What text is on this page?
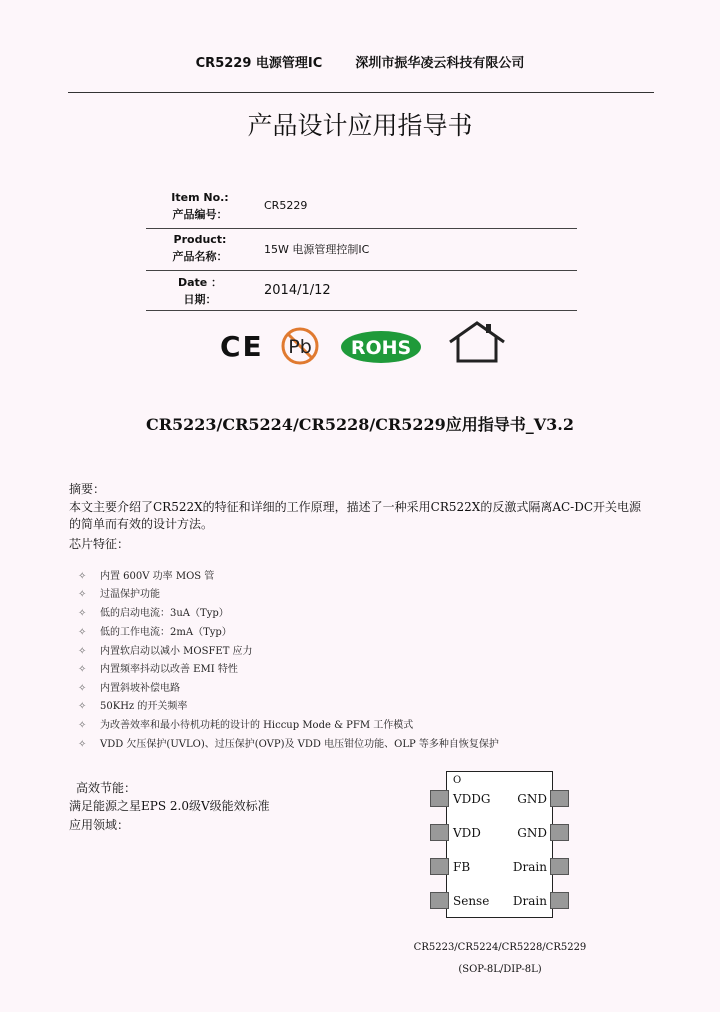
CR5229 电源管理IC	深圳市振华凌云科技有限公司
产品设计应用指导书
Item No.:
产品编号：
CR5229
Product:
产品名称：
15W 电源管理控制IC
Date ：
日期：
2014/1/12
CE Pb ROHS
CR5223/CR5224/CR5228/CR5229应用指导书_V3.2
摘要：
本文主要介绍了CR522X的特征和详细的工作原理，描述了一种采用CR522X的反激式隔离AC-DC开关电源
的简单而有效的设计方法。
芯片特征：
✧ 内置 600V 功率 MOS 管
✧ 过温保护功能
✧ 低的启动电流：3uA（Typ）
✧ 低的工作电流：2mA（Typ）
✧ 内置软启动以减小 MOSFET 应力
✧ 内置频率抖动以改善 EMI 特性
✧ 内置斜坡补偿电路
✧ 50KHz 的开关频率
✧ 为改善效率和最小待机功耗的设计的 Hiccup Mode & PFM 工作模式
✧ VDD 欠压保护(UVLO)、过压保护(OVP)及 VDD 电压钳位功能、OLP 等多种自恢复保护
高效节能：
满足能源之星EPS 2.0级V级能效标准
应用领域：
O
VDDG
VDD
FB
Sense
GND
GND
Drain
Drain
CR5223/CR5224/CR5228/CR5229
(SOP-8L/DIP-8L)
